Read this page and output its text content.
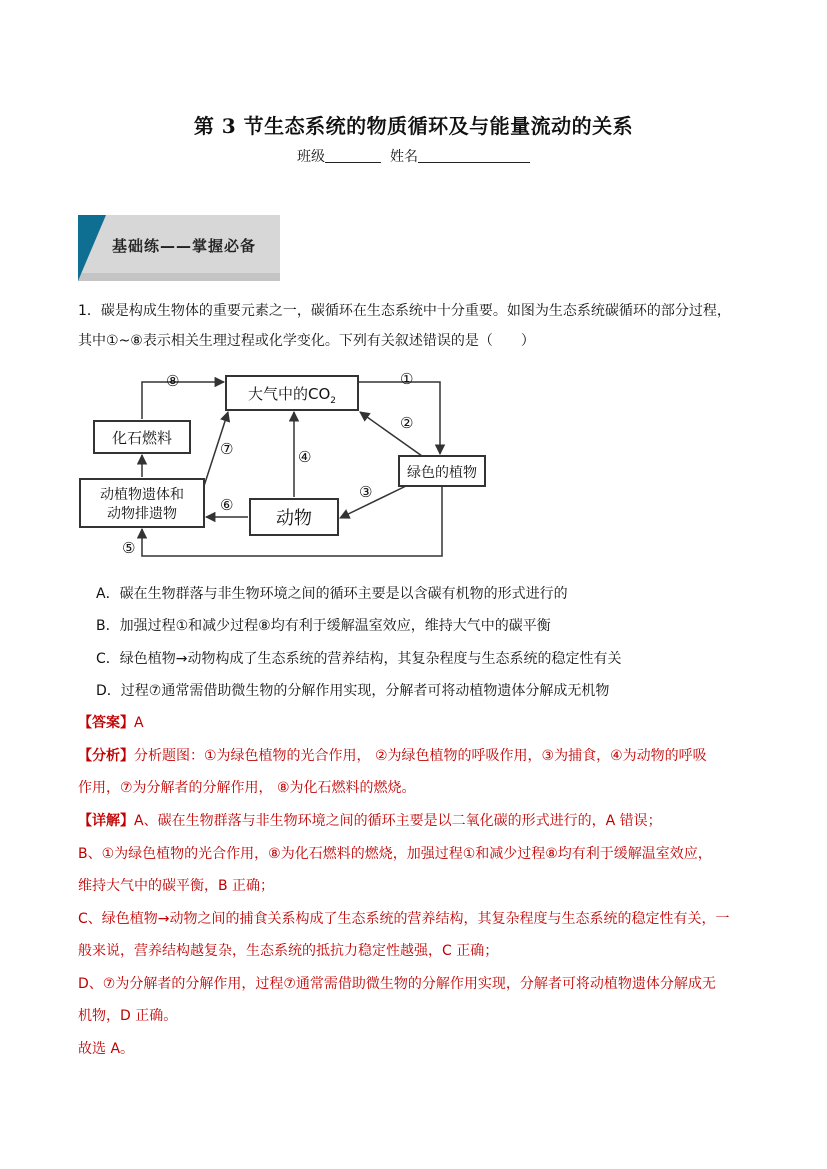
第 3 节生态系统的物质循环及与能量流动的关系
班级	姓名
基础练——掌握必备
1．碳是构成生物体的重要元素之一，碳循环在生态系统中十分重要。如图为生态系统碳循环的部分过程，
其中①~⑧表示相关生理过程或化学变化。下列有关叙述错误的是（　　）
大气中的$CO_2$
化石燃料
绿色的植物
动植物遗体和
动物排遗物	动物
①
②
③
④
⑤
⑥
⑦
⑧
A．碳在生物群落与非生物环境之间的循环主要是以含碳有机物的形式进行的
B．加强过程①和减少过程⑧均有利于缓解温室效应，维持大气中的碳平衡
C．绿色植物→动物构成了生态系统的营养结构，其复杂程度与生态系统的稳定性有关
D．过程⑦通常需借助微生物的分解作用实现，分解者可将动植物遗体分解成无机物
【答案】A
【分析】分析题图：①为绿色植物的光合作用， ②为绿色植物的呼吸作用，③为捕食，④为动物的呼吸
作用，⑦为分解者的分解作用， ⑧为化石燃料的燃烧。
【详解】A、碳在生物群落与非生物环境之间的循环主要是以二氧化碳的形式进行的，A 错误；
B、①为绿色植物的光合作用，⑧为化石燃料的燃烧，加强过程①和减少过程⑧均有利于缓解温室效应，
维持大气中的碳平衡，B 正确；
C、绿色植物→动物之间的捕食关系构成了生态系统的营养结构，其复杂程度与生态系统的稳定性有关，一
般来说，营养结构越复杂，生态系统的抵抗力稳定性越强，C 正确；
D、⑦为分解者的分解作用，过程⑦通常需借助微生物的分解作用实现，分解者可将动植物遗体分解成无
机物，D 正确。
故选 A。
